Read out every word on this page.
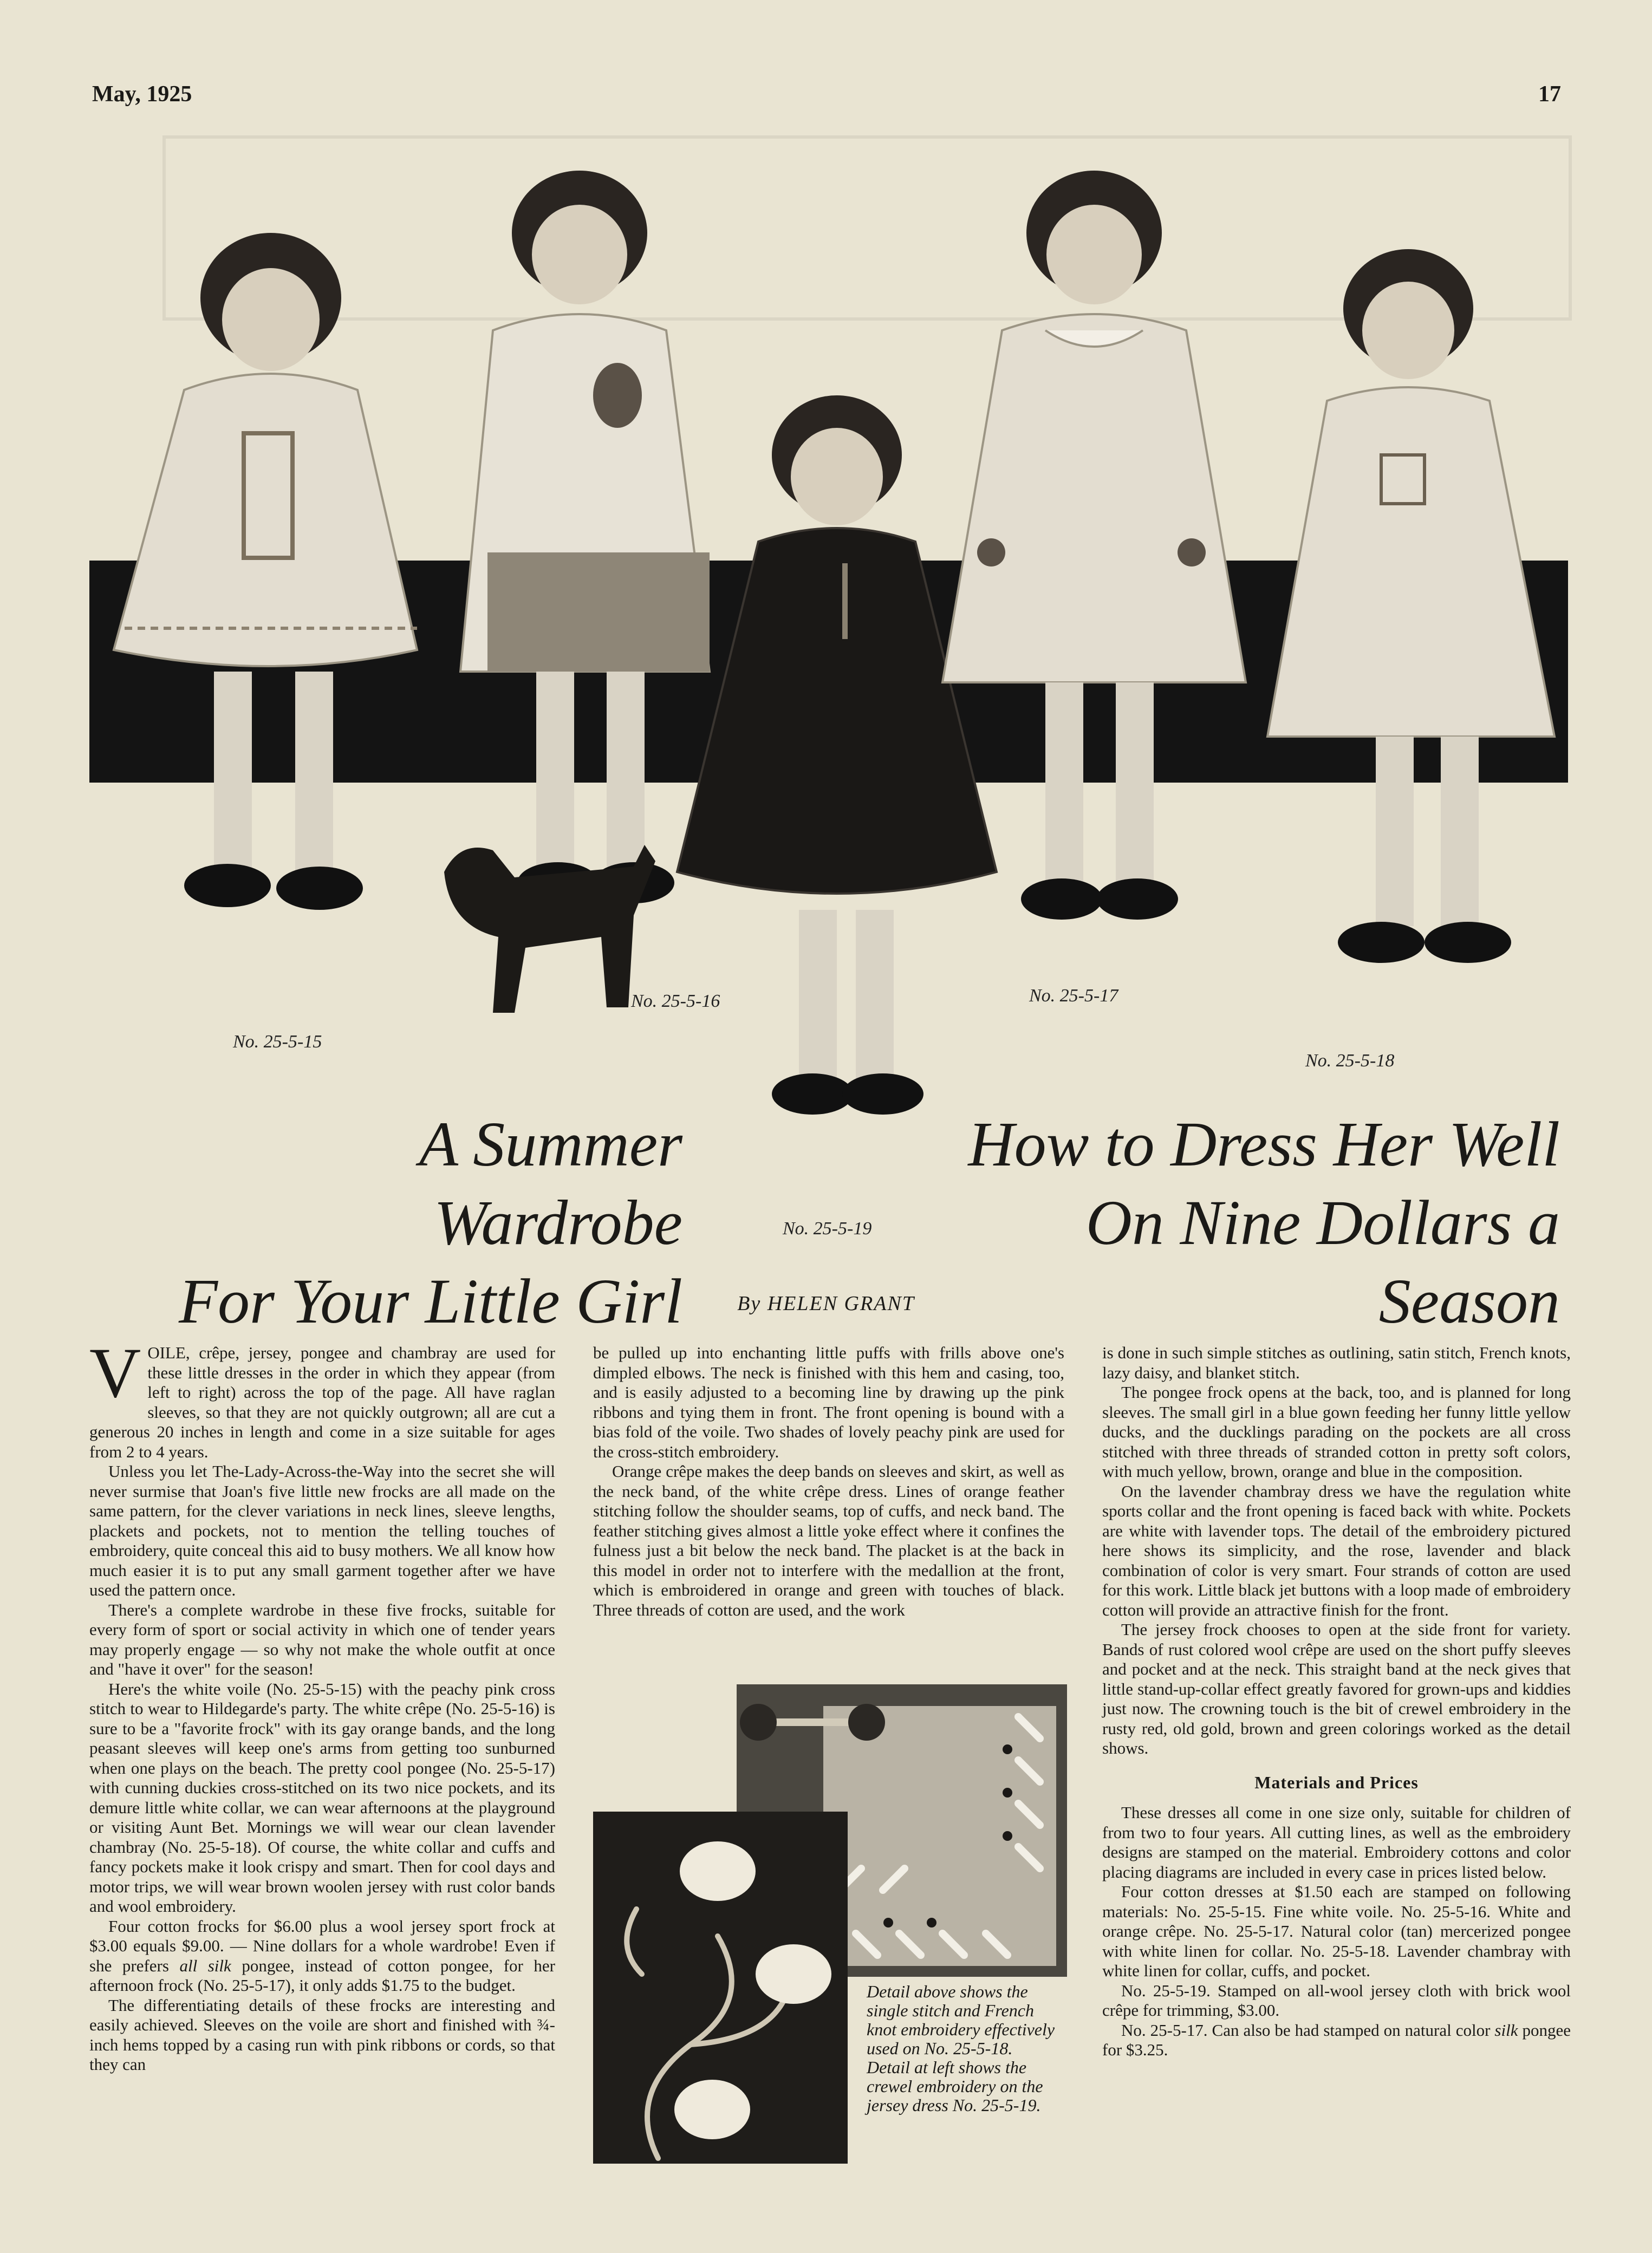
May, 1925	17
No. 25-5-15
No. 25-5-16
No. 25-5-19
No. 25-5-17
No. 25-5-18
A Summer Wardrobe
For Your Little Girl
How to Dress Her Well
On Nine Dollars a Season
By HELEN GRANT

VOILE, crêpe, jersey, pongee and chambray are used for these little dresses in the order in which they appear (from left to right) across the top of the page. All have raglan sleeves, so that they are not quickly outgrown; all are cut a generous 20 inches in length and come in a size suitable for ages from 2 to 4 years.

Unless you let The-Lady-Across-the-Way into the secret she will never surmise that Joan's five little new frocks are all made on the same pattern, for the clever variations in neck lines, sleeve lengths, plackets and pockets, not to mention the telling touches of embroidery, quite conceal this aid to busy mothers. We all know how much easier it is to put any small garment together after we have used the pattern once.

There's a complete wardrobe in these five frocks, suitable for every form of sport or social activity in which one of tender years may properly engage — so why not make the whole outfit at once and "have it over" for the season!

Here's the white voile (No. 25-5-15) with the peachy pink cross stitch to wear to Hildegarde's party. The white crêpe (No. 25-5-16) is sure to be a "favorite frock" with its gay orange bands, and the long peasant sleeves will keep one's arms from getting too sunburned when one plays on the beach. The pretty cool pongee (No. 25-5-17) with cunning duckies cross-stitched on its two nice pockets, and its demure little white collar, we can wear afternoons at the playground or visiting Aunt Bet. Mornings we will wear our clean lavender chambray (No. 25-5-18). Of course, the white collar and cuffs and fancy pockets make it look crispy and smart. Then for cool days and motor trips, we will wear brown woolen jersey with rust color bands and wool embroidery.

Four cotton frocks for $6.00 plus a wool jersey sport frock at $3.00 equals $9.00. — Nine dollars for a whole wardrobe! Even if she prefers all silk pongee, instead of cotton pongee, for her afternoon frock (No. 25-5-17), it only adds $1.75 to the budget.

The differentiating details of these frocks are interesting and easily achieved. Sleeves on the voile are short and finished with ¾-inch hems topped by a casing run with pink ribbons or cords, so that they can

be pulled up into enchanting little puffs with frills above one's dimpled elbows. The neck is finished with this hem and casing, too, and is easily adjusted to a becoming line by drawing up the pink ribbons and tying them in front. The front opening is bound with a bias fold of the voile. Two shades of lovely peachy pink are used for the cross-stitch embroidery.

Orange crêpe makes the deep bands on sleeves and skirt, as well as the neck band, of the white crêpe dress. Lines of orange feather stitching follow the shoulder seams, top of cuffs, and neck band. The feather stitching gives almost a little yoke effect where it confines the fulness just a bit below the neck band. The placket is at the back in this model in order not to interfere with the medallion at the front, which is embroidered in orange and green with touches of black. Three threads of cotton are used, and the work

Detail above shows the single stitch and French knot embroidery effectively used on No. 25-5-18. Detail at left shows the crewel embroidery on the jersey dress No. 25-5-19.

is done in such simple stitches as outlining, satin stitch, French knots, lazy daisy, and blanket stitch.

The pongee frock opens at the back, too, and is planned for long sleeves. The small girl in a blue gown feeding her funny little yellow ducks, and the ducklings parading on the pockets are all cross stitched with three threads of stranded cotton in pretty soft colors, with much yellow, brown, orange and blue in the composition.

On the lavender chambray dress we have the regulation white sports collar and the front opening is faced back with white. Pockets are white with lavender tops. The detail of the embroidery pictured here shows its simplicity, and the rose, lavender and black combination of color is very smart. Four strands of cotton are used for this work. Little black jet buttons with a loop made of embroidery cotton will provide an attractive finish for the front.

The jersey frock chooses to open at the side front for variety. Bands of rust colored wool crêpe are used on the short puffy sleeves and pocket and at the neck. This straight band at the neck gives that little stand-up-collar effect greatly favored for grown-ups and kiddies just now. The crowning touch is the bit of crewel embroidery in the rusty red, old gold, brown and green colorings worked as the detail shows.

Materials and Prices

These dresses all come in one size only, suitable for children of from two to four years. All cutting lines, as well as the embroidery designs are stamped on the material. Embroidery cottons and color placing diagrams are included in every case in prices listed below.

Four cotton dresses at $1.50 each are stamped on following materials: No. 25-5-15. Fine white voile. No. 25-5-16. White and orange crêpe. No. 25-5-17. Natural color (tan) mercerized pongee with white linen for collar. No. 25-5-18. Lavender chambray with white linen for collar, cuffs, and pocket.

No. 25-5-19. Stamped on all-wool jersey cloth with brick wool crêpe for trimming, $3.00.

No. 25-5-17. Can also be had stamped on natural color silk pongee for $3.25.
